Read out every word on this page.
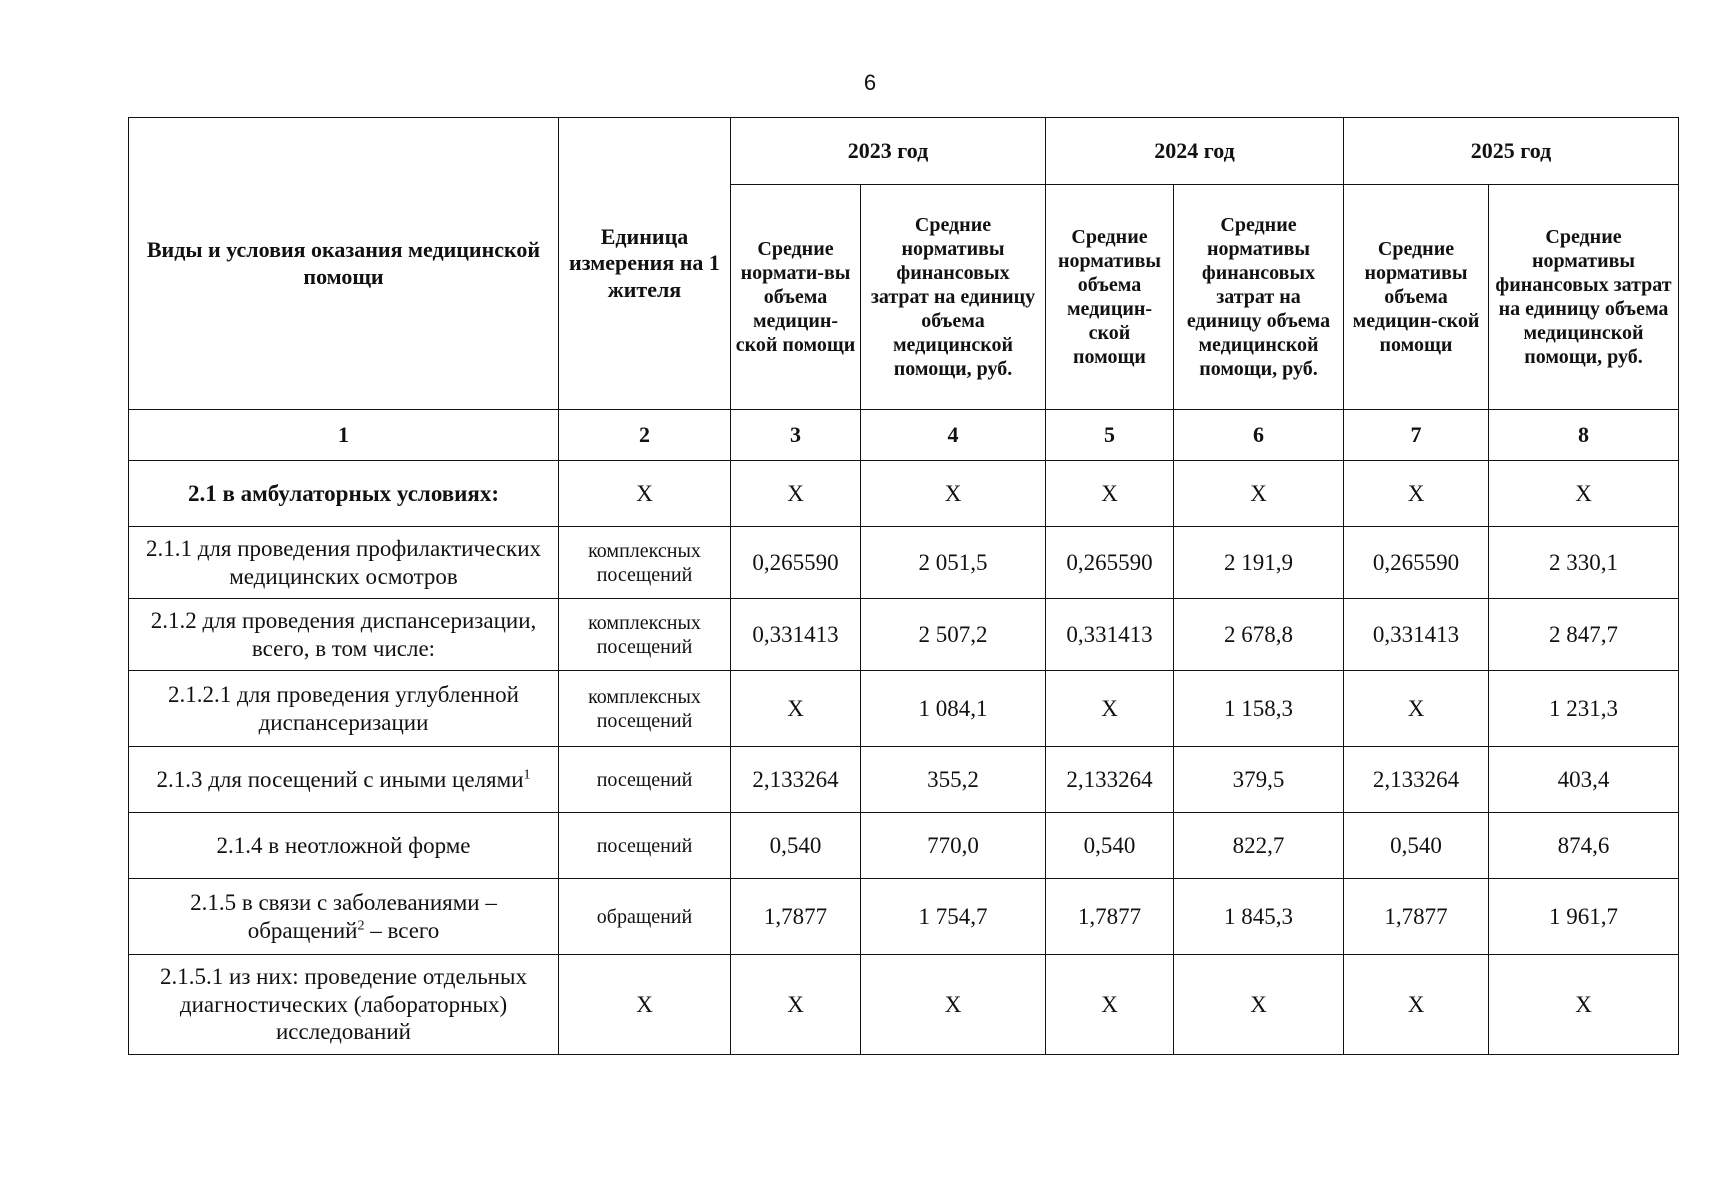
6
Виды и условия оказания медицинской помощи	Единица измерения на 1 жителя	2023 год		2024 год		2025 год	
		Средние нормати-вы объема медицин-ской помощи	Средние нормативы финансовых затрат на единицу объема медицинской помощи, руб.	Средние нормативы объема медицин-ской помощи	Средние нормативы финансовых затрат на единицу объема медицинской помощи, руб.	Средние нормативы объема медицин-ской помощи	Средние нормативы финансовых затрат на единицу объема медицинской помощи, руб.
1	2	3	4	5	6	7	8
2.1 в амбулаторных условиях:	Х	Х	Х	Х	Х	Х	Х
2.1.1 для проведения профилактических медицинских осмотров	комплексных посещений	0,265590	2 051,5	0,265590	2 191,9	0,265590	2 330,1
2.1.2 для проведения диспансеризации, всего, в том числе:	комплексных посещений	0,331413	2 507,2	0,331413	2 678,8	0,331413	2 847,7
2.1.2.1 для проведения углубленной диспансеризации	комплексных посещений	Х	1 084,1	Х	1 158,3	Х	1 231,3
2.1.3 для посещений с иными целями$^1$	посещений	2,133264	355,2	2,133264	379,5	2,133264	403,4
2.1.4 в неотложной форме	посещений	0,540	770,0	0,540	822,7	0,540	874,6
2.1.5 в связи с заболеваниями – обращений$^2$ – всего	обращений	1,7877	1 754,7	1,7877	1 845,3	1,7877	1 961,7
2.1.5.1 из них: проведение отдельных диагностических (лабораторных) исследований	Х	Х	Х	Х	Х	Х	Х
